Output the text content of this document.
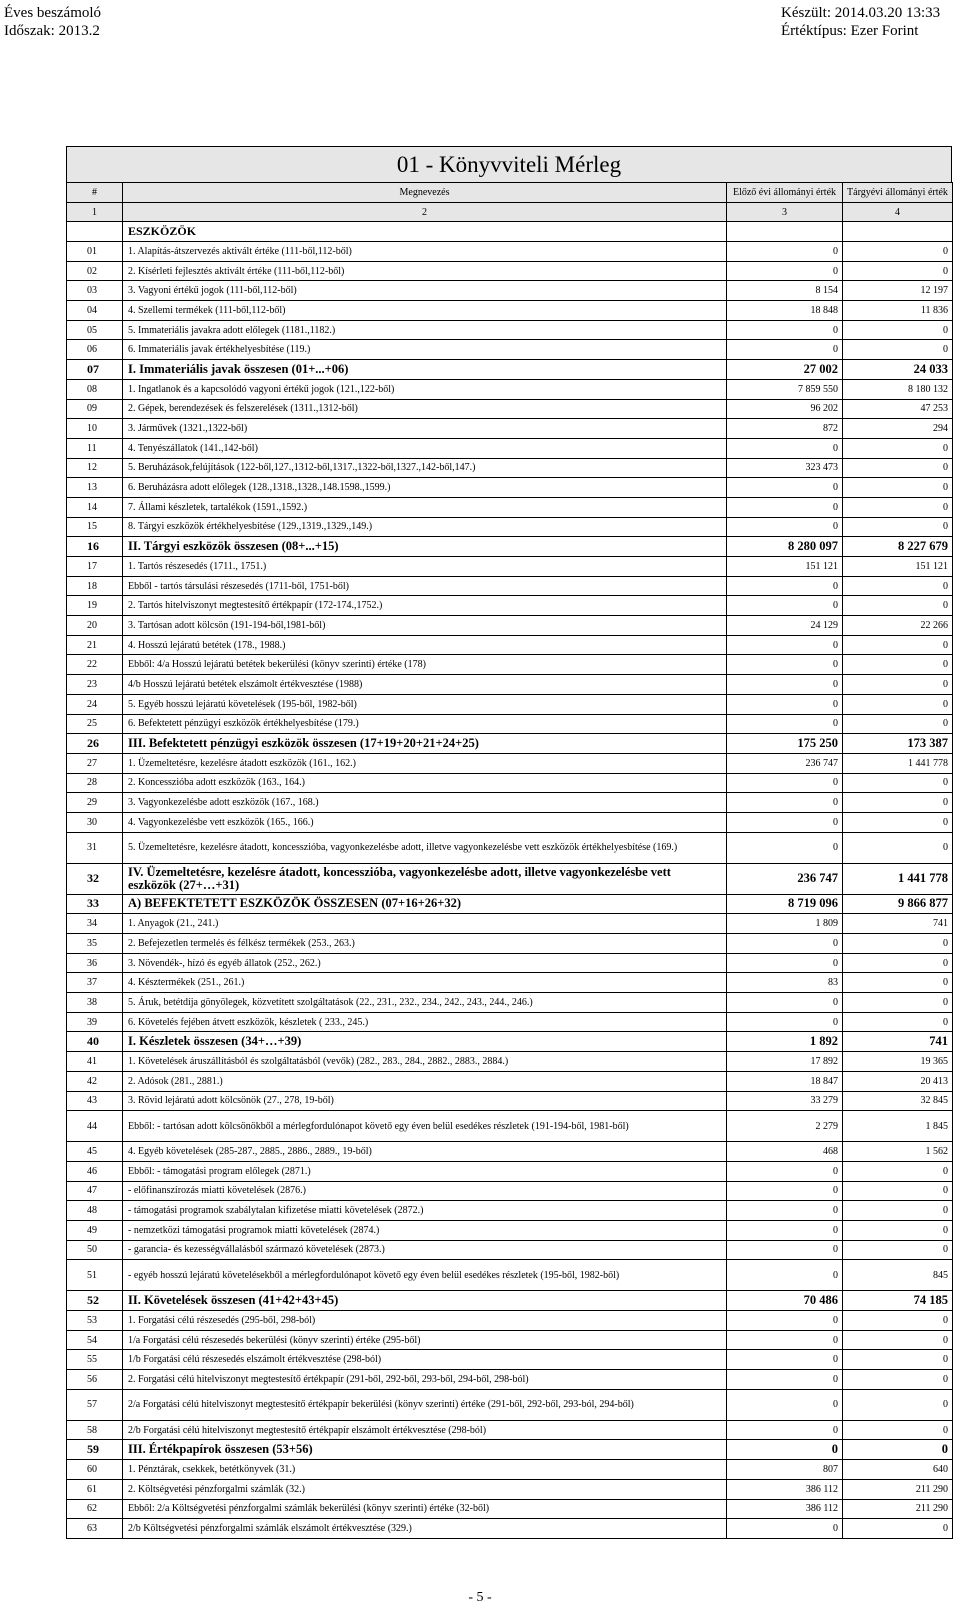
Éves beszámoló
Időszak: 2013.2
Készült: 2014.03.20 13:33
Értéktípus: Ezer Forint
01 - Könyvviteli Mérleg
#	Megnevezés	Előző évi állományi érték	Tárgyévi állományi érték
1	2	3	4
	ESZKÖZÖK		
01	1. Alapítás-átszervezés aktivált értéke (111-ből,112-ből)	0	0
02	2. Kísérleti fejlesztés aktivált értéke (111-ből,112-ből)	0	0
03	3. Vagyoni értékű jogok (111-ből,112-ből)	8 154	12 197
04	4. Szellemi termékek (111-ből,112-ből)	18 848	11 836
05	5. Immateriális javakra adott előlegek (1181.,1182.)	0	0
06	6. Immateriális javak értékhelyesbítése (119.)	0	0
07	I. Immateriális javak összesen (01+...+06)	27 002	24 033
08	1. Ingatlanok és a kapcsolódó vagyoni értékű jogok (121.,122-ből)	7 859 550	8 180 132
09	2. Gépek, berendezések és felszerelések (1311.,1312-ből)	96 202	47 253
10	3. Járművek (1321.,1322-ből)	872	294
11	4. Tenyészállatok (141.,142-ből)	0	0
12	5. Beruházások,felújítások (122-ből,127.,1312-ből,1317.,1322-ből,1327.,142-ből,147.)	323 473	0
13	6. Beruházásra adott előlegek (128.,1318.,1328.,148.1598.,1599.)	0	0
14	7. Állami készletek, tartalékok (1591.,1592.)	0	0
15	8. Tárgyi eszközök értékhelyesbítése (129.,1319.,1329.,149.)	0	0
16	II. Tárgyi eszközök összesen (08+...+15)	8 280 097	8 227 679
17	1. Tartós részesedés (1711., 1751.)	151 121	151 121
18	Ebből - tartós társulási részesedés (1711-ből, 1751-ből)	0	0
19	2. Tartós hitelviszonyt megtestesítő értékpapír (172-174.,1752.)	0	0
20	3. Tartósan adott kölcsön (191-194-ből,1981-ből)	24 129	22 266
21	4. Hosszú lejáratú betétek (178., 1988.)	0	0
22	Ebből: 4/a Hosszú lejáratú betétek bekerülési (könyv szerinti) értéke (178)	0	0
23	4/b Hosszú lejáratú betétek elszámolt értékvesztése (1988)	0	0
24	5. Egyéb hosszú lejáratú követelések (195-ből, 1982-ből)	0	0
25	6. Befektetett pénzügyi eszközök értékhelyesbítése (179.)	0	0
26	III. Befektetett pénzügyi eszközök összesen (17+19+20+21+24+25)	175 250	173 387
27	1. Üzemeltetésre, kezelésre átadott eszközök (161., 162.)	236 747	1 441 778
28	2. Koncesszióba adott eszközök (163., 164.)	0	0
29	3. Vagyonkezelésbe adott eszközök (167., 168.)	0	0
30	4. Vagyonkezelésbe vett eszközök (165., 166.)	0	0
31	5. Üzemeltetésre, kezelésre átadott, koncesszióba, vagyonkezelésbe adott, illetve vagyonkezelésbe vett eszközök értékhelyesbítése (169.)	0	0
32	IV. Üzemeltetésre, kezelésre átadott, koncesszióba, vagyonkezelésbe adott, illetve vagyonkezelésbe vett eszközök (27+…+31)	236 747	1 441 778
33	A) BEFEKTETETT ESZKÖZÖK ÖSSZESEN (07+16+26+32)	8 719 096	9 866 877
34	1. Anyagok (21., 241.)	1 809	741
35	2. Befejezetlen termelés és félkész termékek (253., 263.)	0	0
36	3. Növendék-, hízó és egyéb állatok (252., 262.)	0	0
37	4. Késztermékek (251., 261.)	83	0
38	5. Áruk, betétdíja gönyölegek, közvetített szolgáltatások (22., 231., 232., 234., 242., 243., 244., 246.)	0	0
39	6. Követelés fejében átvett eszközök, készletek ( 233., 245.)	0	0
40	I. Készletek összesen (34+…+39)	1 892	741
41	1. Követelések áruszállításból és szolgáltatásból (vevők) (282., 283., 284., 2882., 2883., 2884.)	17 892	19 365
42	2. Adósok (281., 2881.)	18 847	20 413
43	3. Rövid lejáratú adott kölcsönök (27., 278, 19-ből)	33 279	32 845
44	Ebből: - tartósan adott kölcsönökből a mérlegfordulónapot követő egy éven belül esedékes részletek (191-194-ből, 1981-ből)	2 279	1 845
45	4. Egyéb követelések (285-287., 2885., 2886., 2889., 19-ből)	468	1 562
46	Ebből: - támogatási program előlegek (2871.)	0	0
47	- előfinanszírozás miatti követelések (2876.)	0	0
48	- támogatási programok szabálytalan kifizetése miatti követelések (2872.)	0	0
49	- nemzetközi támogatási programok miatti követelések (2874.)	0	0
50	- garancia- és kezességvállalásból származó követelések (2873.)	0	0
51	- egyéb hosszú lejáratú követelésekből a mérlegfordulónapot követő egy éven belül esedékes részletek (195-ből, 1982-ből)	0	845
52	II. Követelések összesen (41+42+43+45)	70 486	74 185
53	1. Forgatási célú részesedés (295-ből, 298-ból)	0	0
54	1/a Forgatási célú részesedés bekerülési (könyv szerinti) értéke (295-ből)	0	0
55	1/b Forgatási célú részesedés elszámolt értékvesztése (298-ból)	0	0
56	2. Forgatási célú hitelviszonyt megtestesítő értékpapír (291-ből, 292-ből, 293-ből, 294-ből, 298-ból)	0	0
57	2/a Forgatási célú hitelviszonyt megtestesítő értékpapír bekerülési (könyv szerinti) értéke (291-ből, 292-ből, 293-ból, 294-ből)	0	0
58	2/b Forgatási célú hitelviszonyt megtestesítő értékpapír elszámolt értékvesztése (298-ból)	0	0
59	III. Értékpapírok összesen (53+56)	0	0
60	1. Pénztárak, csekkek, betétkönyvek (31.)	807	640
61	2. Költségvetési pénzforgalmi számlák (32.)	386 112	211 290
62	Ebből: 2/a Költségvetési pénzforgalmi számlák bekerülési (könyv szerinti) értéke (32-ből)	386 112	211 290
63	2/b Költségvetési pénzforgalmi számlák elszámolt értékvesztése (329.)	0	0
- 5 -
